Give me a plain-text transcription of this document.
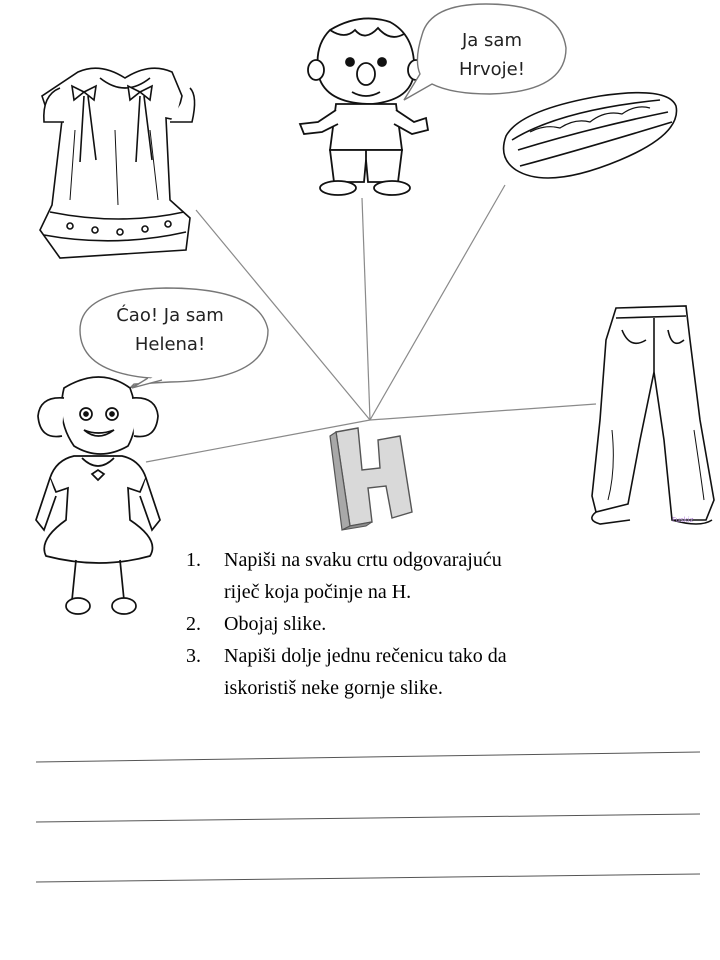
Ja sam
Hrvoje!
Fuskiz
Ćao! Ja sam
Helena!
1. Napiši na svaku crtu odgovarajuću
riječ koja počinje na H.
2. Obojaj slike.
3. Napiši dolje jednu rečenicu tako da
iskoristiš neke gornje slike.
